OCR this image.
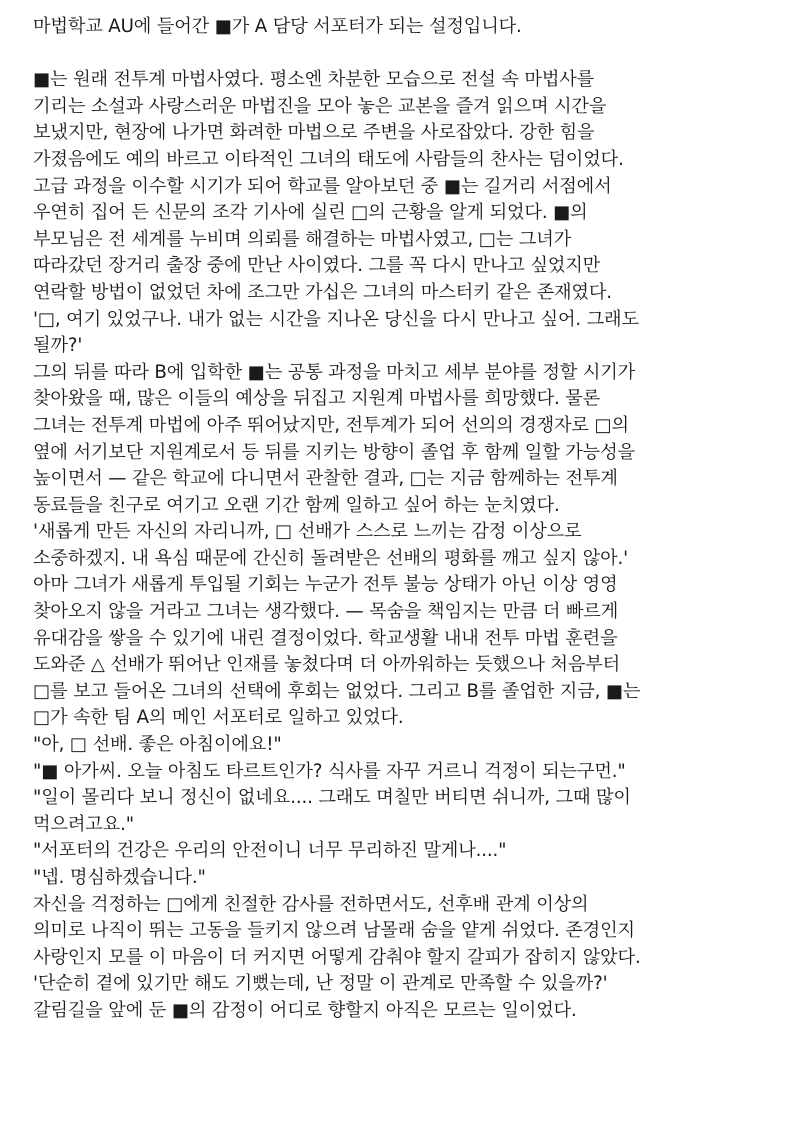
마법학교 AU에 들어간 ■가 A 담당 서포터가 되는 설정입니다.
■는 원래 전투계 마법사였다. 평소엔 차분한 모습으로 전설 속 마법사를
기리는 소설과 사랑스러운 마법진을 모아 놓은 교본을 즐겨 읽으며 시간을
보냈지만, 현장에 나가면 화려한 마법으로 주변을 사로잡았다. 강한 힘을
가졌음에도 예의 바르고 이타적인 그녀의 태도에 사람들의 찬사는 덤이었다.
고급 과정을 이수할 시기가 되어 학교를 알아보던 중 ■는 길거리 서점에서
우연히 집어 든 신문의 조각 기사에 실린 □의 근황을 알게 되었다. ■의
부모님은 전 세계를 누비며 의뢰를 해결하는 마법사였고, □는 그녀가
따라갔던 장거리 출장 중에 만난 사이였다. 그를 꼭 다시 만나고 싶었지만
연락할 방법이 없었던 차에 조그만 가십은 그녀의 마스터키 같은 존재였다.
'□, 여기 있었구나. 내가 없는 시간을 지나온 당신을 다시 만나고 싶어. 그래도
될까?'
그의 뒤를 따라 B에 입학한 ■는 공통 과정을 마치고 세부 분야를 정할 시기가
찾아왔을 때, 많은 이들의 예상을 뒤집고 지원계 마법사를 희망했다. 물론
그녀는 전투계 마법에 아주 뛰어났지만, 전투계가 되어 선의의 경쟁자로 □의
옆에 서기보단 지원계로서 등 뒤를 지키는 방향이 졸업 후 함께 일할 가능성을
높이면서 — 같은 학교에 다니면서 관찰한 결과, □는 지금 함께하는 전투계
동료들을 친구로 여기고 오랜 기간 함께 일하고 싶어 하는 눈치였다.
'새롭게 만든 자신의 자리니까, □ 선배가 스스로 느끼는 감정 이상으로
소중하겠지. 내 욕심 때문에 간신히 돌려받은 선배의 평화를 깨고 싶지 않아.'
아마 그녀가 새롭게 투입될 기회는 누군가 전투 불능 상태가 아닌 이상 영영
찾아오지 않을 거라고 그녀는 생각했다. — 목숨을 책임지는 만큼 더 빠르게
유대감을 쌓을 수 있기에 내린 결정이었다. 학교생활 내내 전투 마법 훈련을
도와준 △ 선배가 뛰어난 인재를 놓쳤다며 더 아까워하는 듯했으나 처음부터
□를 보고 들어온 그녀의 선택에 후회는 없었다. 그리고 B를 졸업한 지금, ■는
□가 속한 팀 A의 메인 서포터로 일하고 있었다.
"아, □ 선배. 좋은 아침이에요!"
"■ 아가씨. 오늘 아침도 타르트인가? 식사를 자꾸 거르니 걱정이 되는구먼."
"일이 몰리다 보니 정신이 없네요.... 그래도 며칠만 버티면 쉬니까, 그때 많이
먹으려고요."
"서포터의 건강은 우리의 안전이니 너무 무리하진 말게나...."
"넵. 명심하겠습니다."
자신을 걱정하는 □에게 친절한 감사를 전하면서도, 선후배 관계 이상의
의미로 나직이 뛰는 고동을 들키지 않으려 남몰래 숨을 얕게 쉬었다. 존경인지
사랑인지 모를 이 마음이 더 커지면 어떻게 감춰야 할지 갈피가 잡히지 않았다.
'단순히 곁에 있기만 해도 기뻤는데, 난 정말 이 관계로 만족할 수 있을까?'
갈림길을 앞에 둔 ■의 감정이 어디로 향할지 아직은 모르는 일이었다.
